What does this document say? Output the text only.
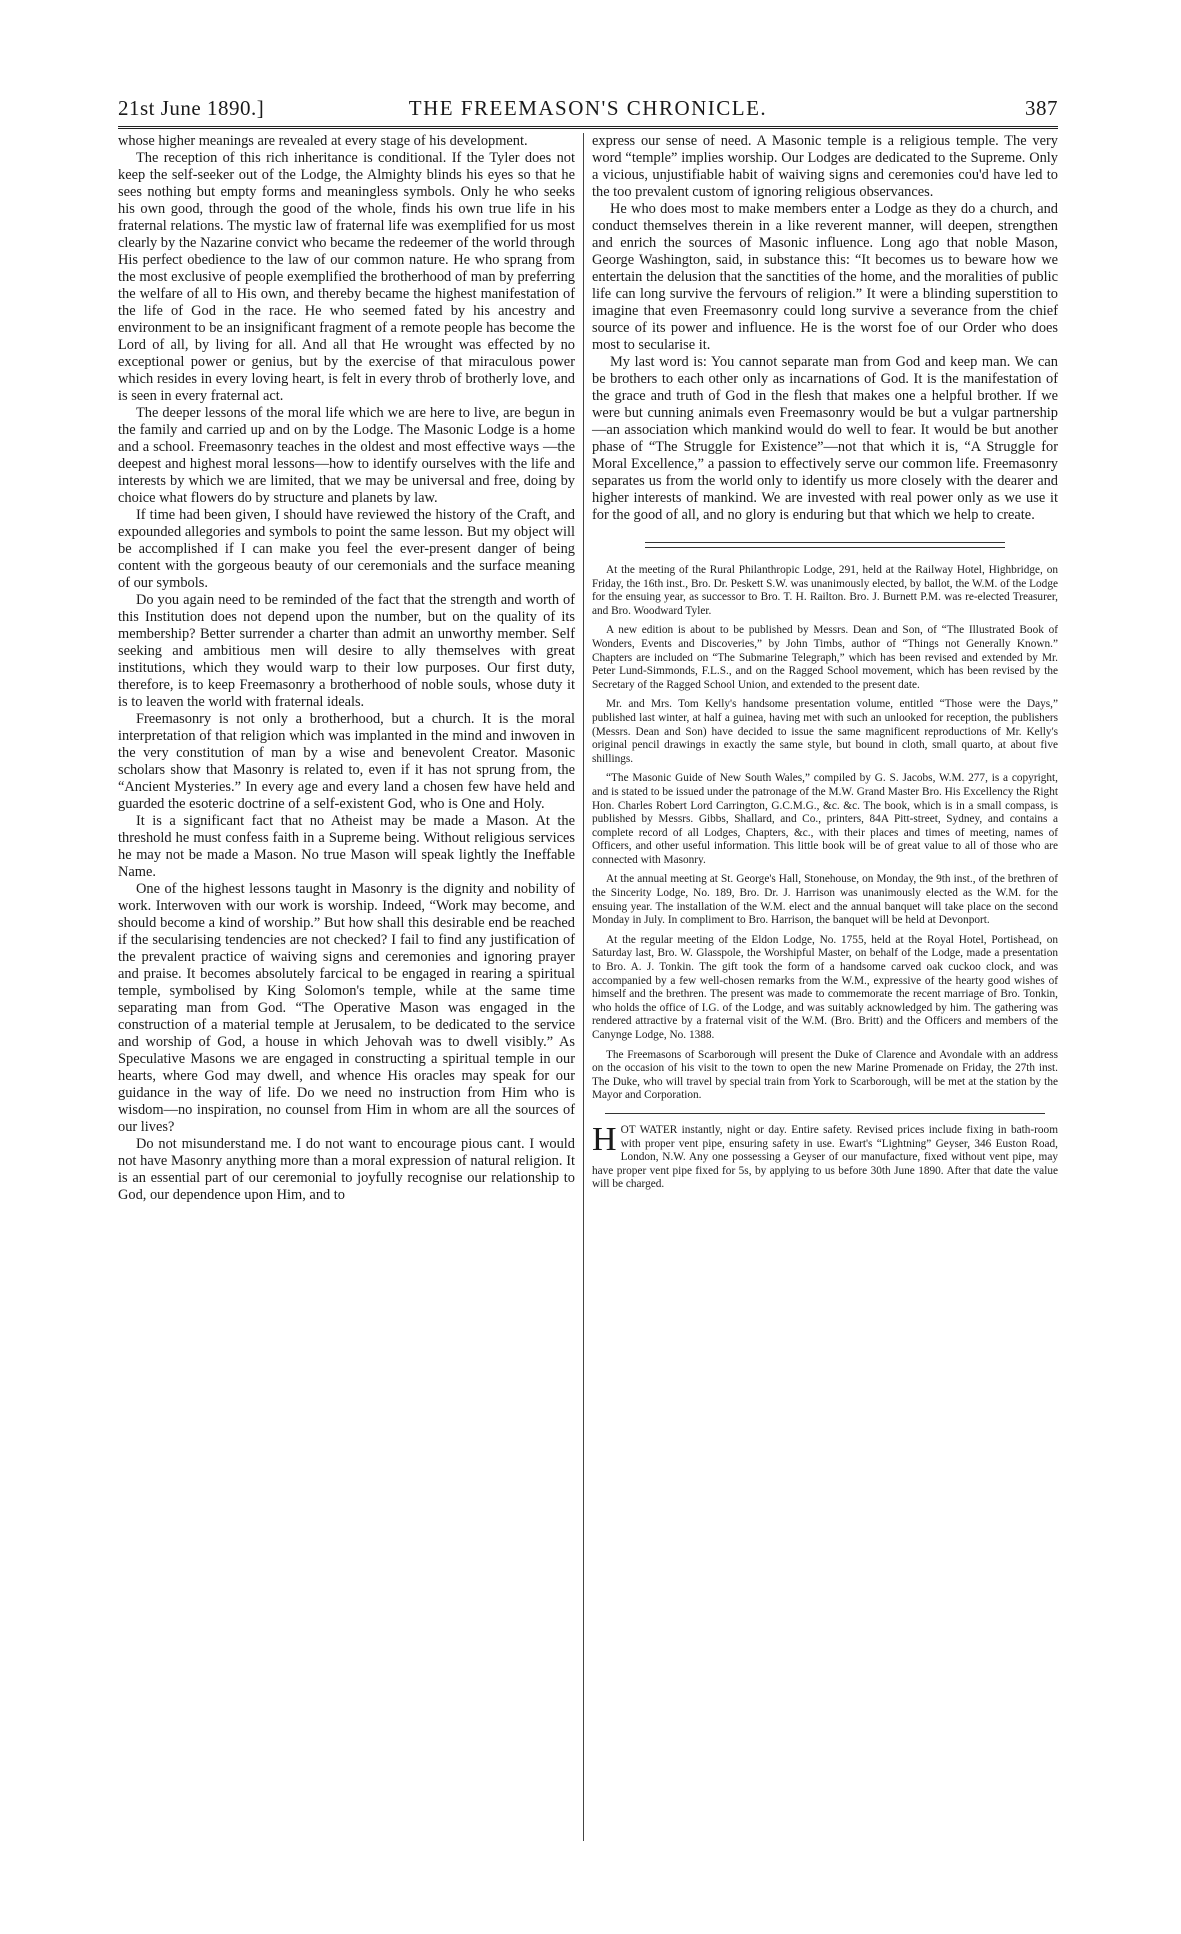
21st June 1890.]	THE FREEMASON'S CHRONICLE.	387

whose higher meanings are revealed at every stage of his development.

The reception of this rich inheritance is conditional. If the Tyler does not keep the self-seeker out of the Lodge, the Almighty blinds his eyes so that he sees nothing but empty forms and meaningless symbols. Only he who seeks his own good, through the good of the whole, finds his own true life in his fraternal relations. The mystic law of fraternal life was exemplified for us most clearly by the Nazarine convict who became the redeemer of the world through His perfect obedience to the law of our common nature. He who sprang from the most exclusive of people exemplified the brotherhood of man by preferring the welfare of all to His own, and thereby became the highest manifestation of the life of God in the race. He who seemed fated by his ancestry and environment to be an insignificant fragment of a remote people has become the Lord of all, by living for all. And all that He wrought was effected by no exceptional power or genius, but by the exercise of that miraculous power which resides in every loving heart, is felt in every throb of brotherly love, and is seen in every fraternal act.

The deeper lessons of the moral life which we are here to live, are begun in the family and carried up and on by the Lodge. The Masonic Lodge is a home and a school. Freemasonry teaches in the oldest and most effective ways —the deepest and highest moral lessons—how to identify ourselves with the life and interests by which we are limited, that we may be universal and free, doing by choice what flowers do by structure and planets by law.

If time had been given, I should have reviewed the history of the Craft, and expounded allegories and symbols to point the same lesson. But my object will be accomplished if I can make you feel the ever-present danger of being content with the gorgeous beauty of our ceremonials and the surface meaning of our symbols.

Do you again need to be reminded of the fact that the strength and worth of this Institution does not depend upon the number, but on the quality of its membership? Better surrender a charter than admit an unworthy member. Self seeking and ambitious men will desire to ally themselves with great institutions, which they would warp to their low purposes. Our first duty, therefore, is to keep Freemasonry a brotherhood of noble souls, whose duty it is to leaven the world with fraternal ideals.

Freemasonry is not only a brotherhood, but a church. It is the moral interpretation of that religion which was implanted in the mind and inwoven in the very constitution of man by a wise and benevolent Creator. Masonic scholars show that Masonry is related to, even if it has not sprung from, the “Ancient Mysteries.” In every age and every land a chosen few have held and guarded the esoteric doctrine of a self-existent God, who is One and Holy.

It is a significant fact that no Atheist may be made a Mason. At the threshold he must confess faith in a Supreme being. Without religious services he may not be made a Mason. No true Mason will speak lightly the Ineffable Name.

One of the highest lessons taught in Masonry is the dignity and nobility of work. Interwoven with our work is worship. Indeed, “Work may become, and should become a kind of worship.” But how shall this desirable end be reached if the secularising tendencies are not checked? I fail to find any justification of the prevalent practice of waiving signs and ceremonies and ignoring prayer and praise. It becomes absolutely farcical to be engaged in rearing a spiritual temple, symbolised by King Solomon's temple, while at the same time separating man from God. “The Operative Mason was engaged in the construction of a material temple at Jerusalem, to be dedicated to the service and worship of God, a house in which Jehovah was to dwell visibly.” As Speculative Masons we are engaged in constructing a spiritual temple in our hearts, where God may dwell, and whence His oracles may speak for our guidance in the way of life. Do we need no instruction from Him who is wisdom—no inspiration, no counsel from Him in whom are all the sources of our lives?

Do not misunderstand me. I do not want to encourage pious cant. I would not have Masonry anything more than a moral expression of natural religion. It is an essential part of our ceremonial to joyfully recognise our relationship to God, our dependence upon Him, and to

express our sense of need. A Masonic temple is a religious temple. The very word “temple” implies worship. Our Lodges are dedicated to the Supreme. Only a vicious, unjustifiable habit of waiving signs and ceremonies cou'd have led to the too prevalent custom of ignoring religious observances.

He who does most to make members enter a Lodge as they do a church, and conduct themselves therein in a like reverent manner, will deepen, strengthen and enrich the sources of Masonic influence. Long ago that noble Mason, George Washington, said, in substance this: “It becomes us to beware how we entertain the delusion that the sanctities of the home, and the moralities of public life can long survive the fervours of religion.” It were a blinding superstition to imagine that even Freemasonry could long survive a severance from the chief source of its power and influence. He is the worst foe of our Order who does most to secularise it.

My last word is: You cannot separate man from God and keep man. We can be brothers to each other only as incarnations of God. It is the manifestation of the grace and truth of God in the flesh that makes one a helpful brother. If we were but cunning animals even Freemasonry would be but a vulgar partnership—an association which mankind would do well to fear. It would be but another phase of “The Struggle for Existence”—not that which it is, “A Struggle for Moral Excellence,” a passion to effectively serve our common life. Freemasonry separates us from the world only to identify us more closely with the dearer and higher interests of mankind. We are invested with real power only as we use it for the good of all, and no glory is enduring but that which we help to create.

At the meeting of the Rural Philanthropic Lodge, 291, held at the Railway Hotel, Highbridge, on Friday, the 16th inst., Bro. Dr. Peskett S.W. was unanimously elected, by ballot, the W.M. of the Lodge for the ensuing year, as successor to Bro. T. H. Railton. Bro. J. Burnett P.M. was re-elected Treasurer, and Bro. Woodward Tyler.

A new edition is about to be published by Messrs. Dean and Son, of “The Illustrated Book of Wonders, Events and Discoveries,” by John Timbs, author of “Things not Generally Known.” Chapters are included on “The Submarine Telegraph,” which has been revised and extended by Mr. Peter Lund-Simmonds, F.L.S., and on the Ragged School movement, which has been revised by the Secretary of the Ragged School Union, and extended to the present date.

Mr. and Mrs. Tom Kelly's handsome presentation volume, entitled “Those were the Days,” published last winter, at half a guinea, having met with such an unlooked for reception, the publishers (Messrs. Dean and Son) have decided to issue the same magnificent reproductions of Mr. Kelly's original pencil drawings in exactly the same style, but bound in cloth, small quarto, at about five shillings.

“The Masonic Guide of New South Wales,” compiled by G. S. Jacobs, W.M. 277, is a copyright, and is stated to be issued under the patronage of the M.W. Grand Master Bro. His Excellency the Right Hon. Charles Robert Lord Carrington, G.C.M.G., &c. &c. The book, which is in a small compass, is published by Messrs. Gibbs, Shallard, and Co., printers, 84A Pitt-street, Sydney, and contains a complete record of all Lodges, Chapters, &c., with their places and times of meeting, names of Officers, and other useful information. This little book will be of great value to all of those who are connected with Masonry.

At the annual meeting at St. George's Hall, Stonehouse, on Monday, the 9th inst., of the brethren of the Sincerity Lodge, No. 189, Bro. Dr. J. Harrison was unanimously elected as the W.M. for the ensuing year. The installation of the W.M. elect and the annual banquet will take place on the second Monday in July. In compliment to Bro. Harrison, the banquet will be held at Devonport.

At the regular meeting of the Eldon Lodge, No. 1755, held at the Royal Hotel, Portishead, on Saturday last, Bro. W. Glasspole, the Worshipful Master, on behalf of the Lodge, made a presentation to Bro. A. J. Tonkin. The gift took the form of a handsome carved oak cuckoo clock, and was accompanied by a few well-chosen remarks from the W.M., expressive of the hearty good wishes of himself and the brethren. The present was made to commemorate the recent marriage of Bro. Tonkin, who holds the office of I.G. of the Lodge, and was suitably acknowledged by him. The gathering was rendered attractive by a fraternal visit of the W.M. (Bro. Britt) and the Officers and members of the Canynge Lodge, No. 1388.

The Freemasons of Scarborough will present the Duke of Clarence and Avondale with an address on the occasion of his visit to the town to open the new Marine Promenade on Friday, the 27th inst. The Duke, who will travel by special train from York to Scarborough, will be met at the station by the Mayor and Corporation.

H OT WATER instantly, night or day. Entire safety. Revised prices include fixing in bath-room with proper vent pipe, ensuring safety in use. Ewart's “Lightning” Geyser, 346 Euston Road, London, N.W. Any one possessing a Geyser of our manufacture, fixed without vent pipe, may have proper vent pipe fixed for 5s, by applying to us before 30th June 1890. After that date the value will be charged.
